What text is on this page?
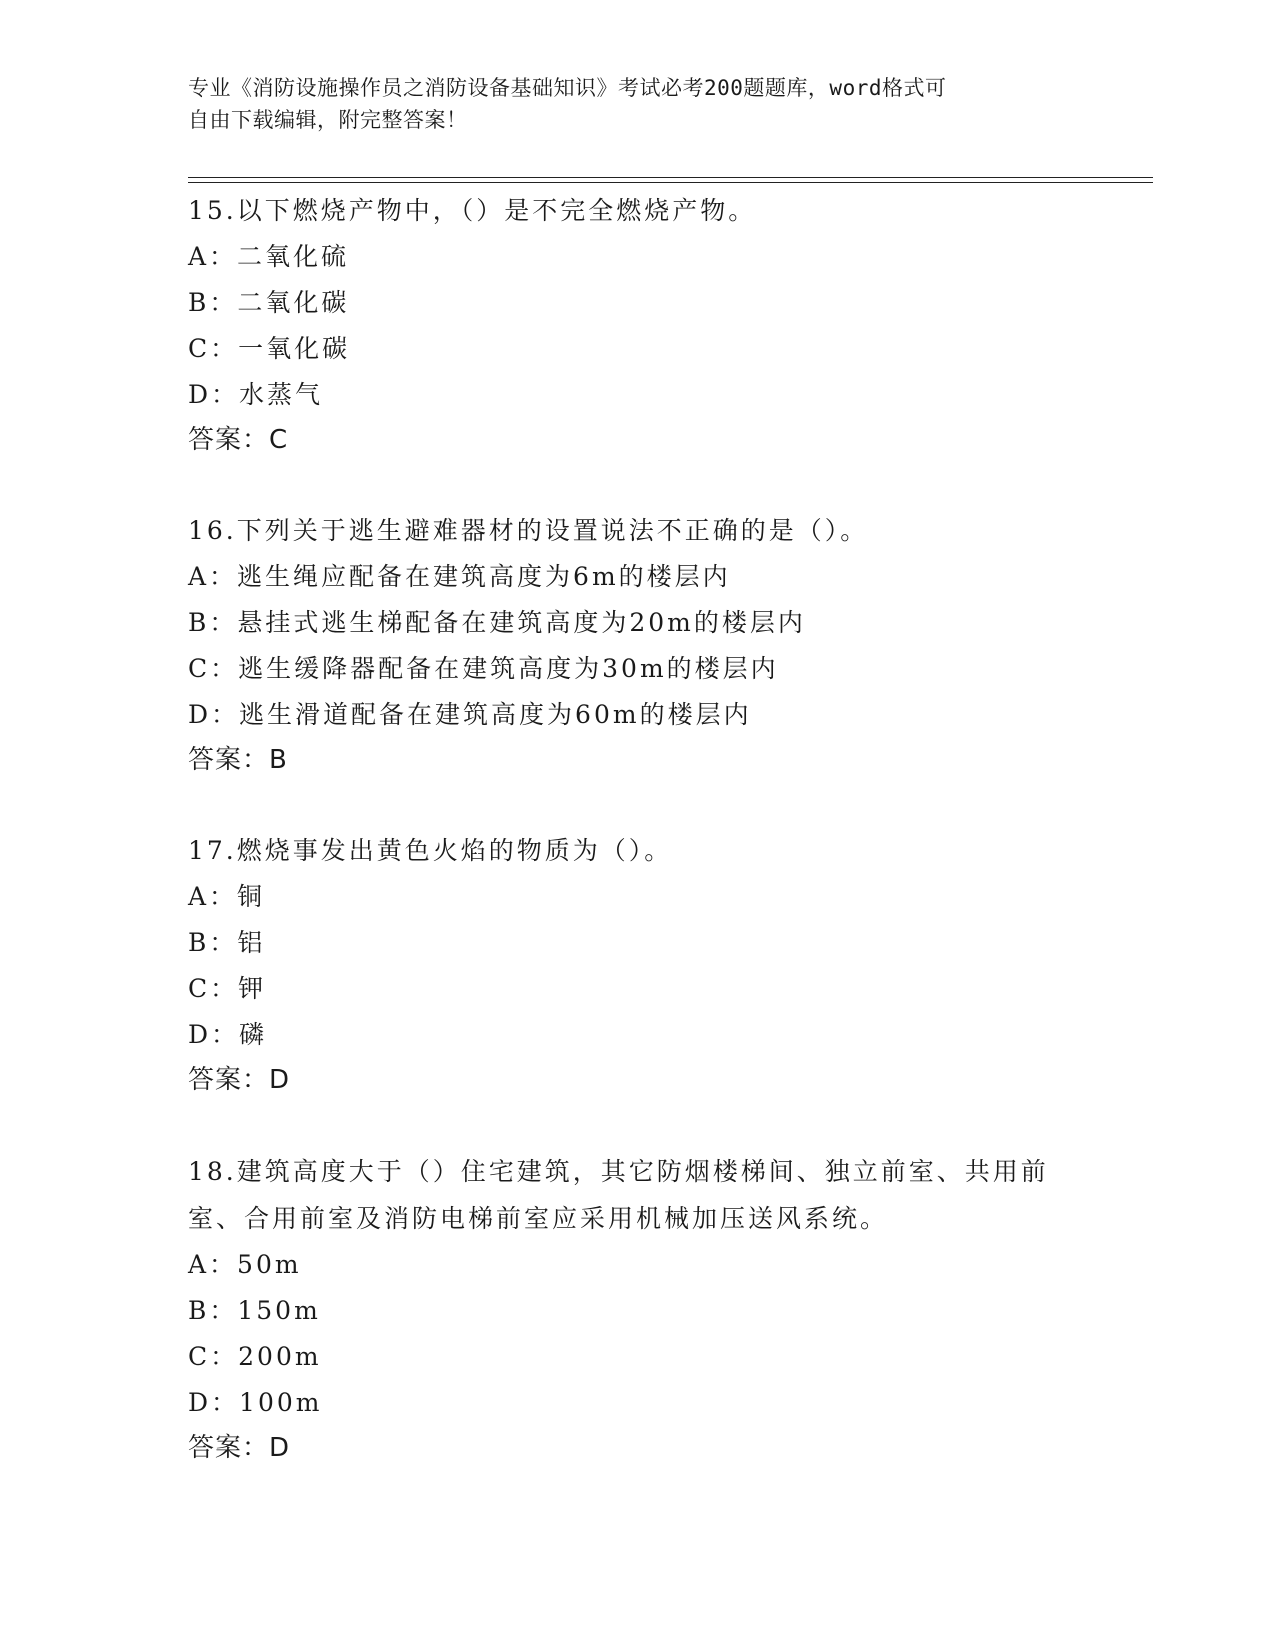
专业《消防设施操作员之消防设备基础知识》考试必考200题题库，word格式可
自由下载编辑，附完整答案！
15.以下燃烧产物中，（）是不完全燃烧产物。
A：二氧化硫
B：二氧化碳
C：一氧化碳
D：水蒸气
答案：C
16.下列关于逃生避难器材的设置说法不正确的是（）。
A：逃生绳应配备在建筑高度为6m的楼层内
B：悬挂式逃生梯配备在建筑高度为20m的楼层内
C：逃生缓降器配备在建筑高度为30m的楼层内
D：逃生滑道配备在建筑高度为60m的楼层内
答案：B
17.燃烧事发出黄色火焰的物质为（）。
A：铜
B：铝
C：钾
D：磷
答案：D
18.建筑高度大于（）住宅建筑，其它防烟楼梯间、独立前室、共用前室、合用前室及消防电梯前室应采用机械加压送风系统。
A：50m
B：150m
C：200m
D：100m
答案：D
